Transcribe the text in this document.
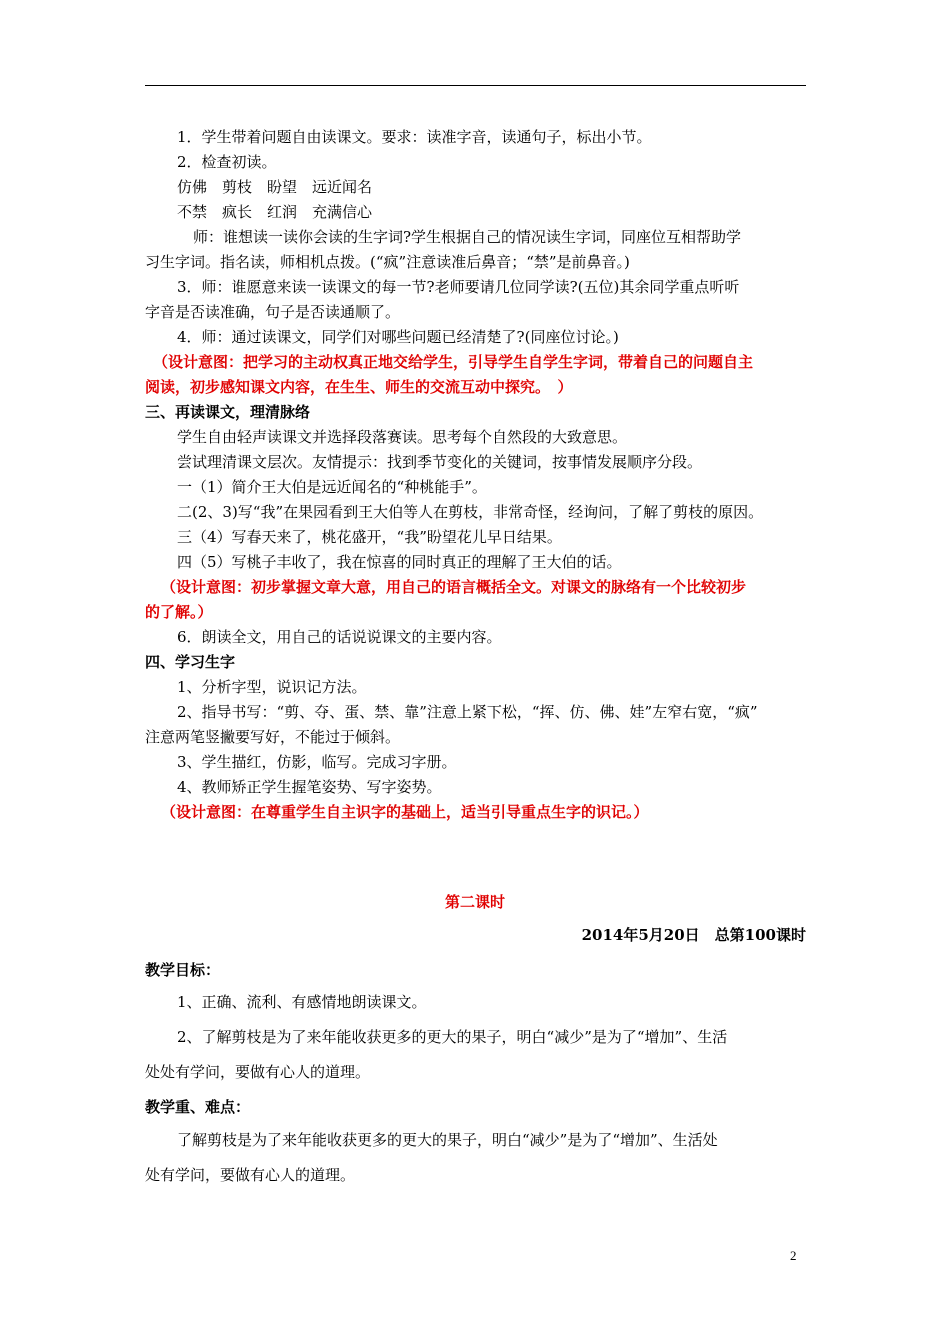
1．学生带着问题自由读课文。要求：读准字音，读通句子，标出小节。
2．检查初读。
仿佛　剪枝　盼望　远近闻名
不禁　疯长　红润　充满信心
师：谁想读一读你会读的生字词?学生根据自己的情况读生字词，同座位互相帮助学
习生字词。指名读，师相机点拨。(“疯”注意读准后鼻音；“禁”是前鼻音。)
3．师：谁愿意来读一读课文的每一节?老师要请几位同学读?(五位)其余同学重点听听
字音是否读准确，句子是否读通顺了。
4．师：通过读课文，同学们对哪些问题已经清楚了?(同座位讨论。)
（设计意图：把学习的主动权真正地交给学生，引导学生自学生字词，带着自己的问题自主
阅读，初步感知课文内容，在生生、师生的交流互动中探究。　）
三、再读课文，理清脉络
学生自由轻声读课文并选择段落赛读。思考每个自然段的大致意思。
尝试理清课文层次。友情提示：找到季节变化的关键词，按事情发展顺序分段。
一（1）简介王大伯是远近闻名的“种桃能手”。
二(2、3)写“我”在果园看到王大伯等人在剪枝，非常奇怪，经询问，了解了剪枝的原因。
三（4）写春天来了，桃花盛开，“我”盼望花儿早日结果。
四（5）写桃子丰收了，我在惊喜的同时真正的理解了王大伯的话。
（设计意图：初步掌握文章大意，用自己的语言概括全文。对课文的脉络有一个比较初步
的了解。）
6．朗读全文，用自己的话说说课文的主要内容。
四、学习生字
1、分析字型，说识记方法。
2、指导书写：“剪、夺、蛋、禁、靠”注意上紧下松，“挥、仿、佛、娃”左窄右宽，“疯”
注意两笔竖撇要写好，不能过于倾斜。
3、学生描红，仿影，临写。完成习字册。
4、教师矫正学生握笔姿势、写字姿势。
（设计意图：在尊重学生自主识字的基础上，适当引导重点生字的识记。）
第二课时
2014年5月20日　总第100课时
教学目标：
1、正确、流利、有感情地朗读课文。
2、了解剪枝是为了来年能收获更多的更大的果子，明白“减少”是为了“增加”、生活
处处有学问，要做有心人的道理。
教学重、难点：
了解剪枝是为了来年能收获更多的更大的果子，明白“减少”是为了“增加”、生活处
处有学问，要做有心人的道理。
2
